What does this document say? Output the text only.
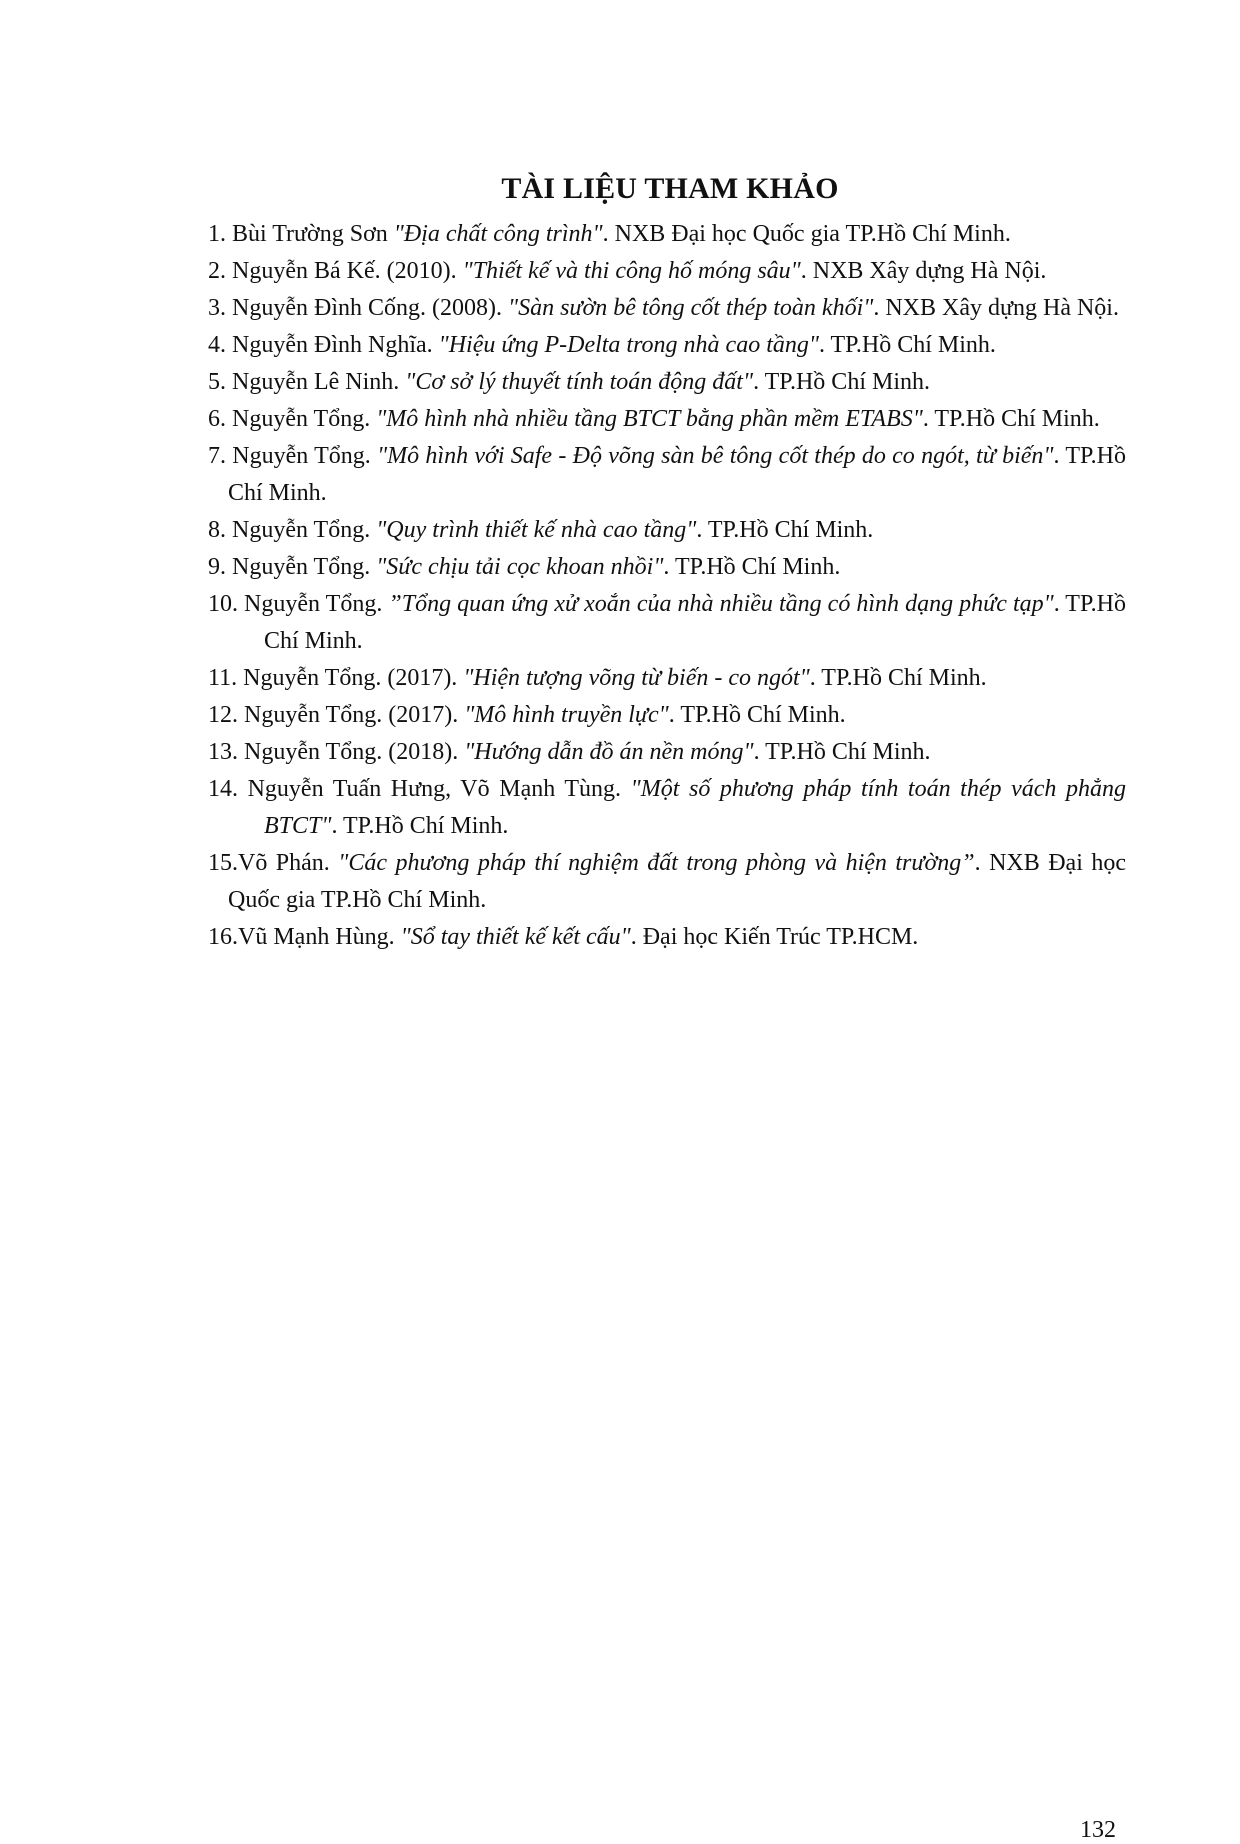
TÀI LIỆU THAM KHẢO
1. Bùi Trường Sơn "Địa chất công trình". NXB Đại học Quốc gia TP.Hồ Chí Minh.
2. Nguyễn Bá Kế. (2010). "Thiết kế và thi công hố móng sâu". NXB Xây dựng Hà Nội.
3. Nguyễn Đình Cống. (2008). "Sàn sườn bê tông cốt thép toàn khối". NXB Xây dựng Hà Nội.
4. Nguyễn Đình Nghĩa. "Hiệu ứng P-Delta trong nhà cao tầng". TP.Hồ Chí Minh.
5. Nguyễn Lê Ninh. "Cơ sở lý thuyết tính toán động đất". TP.Hồ Chí Minh.
6. Nguyễn Tổng. "Mô hình nhà nhiều tầng BTCT bằng phần mềm ETABS". TP.Hồ Chí Minh.
7. Nguyễn Tổng. "Mô hình với Safe - Độ võng sàn bê tông cốt thép do co ngót, từ biến". TP.Hồ Chí Minh.
8. Nguyễn Tổng. "Quy trình thiết kế nhà cao tầng". TP.Hồ Chí Minh.
9. Nguyễn Tổng. "Sức chịu tải cọc khoan nhồi". TP.Hồ Chí Minh.
10. Nguyễn Tổng. ”Tổng quan ứng xử xoắn của nhà nhiều tầng có hình dạng phức tạp". TP.Hồ Chí Minh.
11. Nguyễn Tổng. (2017). "Hiện tượng võng từ biến - co ngót". TP.Hồ Chí Minh.
12. Nguyễn Tổng. (2017). "Mô hình truyền lực". TP.Hồ Chí Minh.
13. Nguyễn Tổng. (2018). "Hướng dẫn đồ án nền móng". TP.Hồ Chí Minh.
14. Nguyễn Tuấn Hưng, Võ Mạnh Tùng. "Một số phương pháp tính toán thép vách phẳng BTCT". TP.Hồ Chí Minh.
15.Võ Phán. "Các phương pháp thí nghiệm đất trong phòng và hiện trường”. NXB Đại học Quốc gia TP.Hồ Chí Minh.
16.Vũ Mạnh Hùng. "Sổ tay thiết kế kết cấu". Đại học Kiến Trúc TP.HCM.
132
